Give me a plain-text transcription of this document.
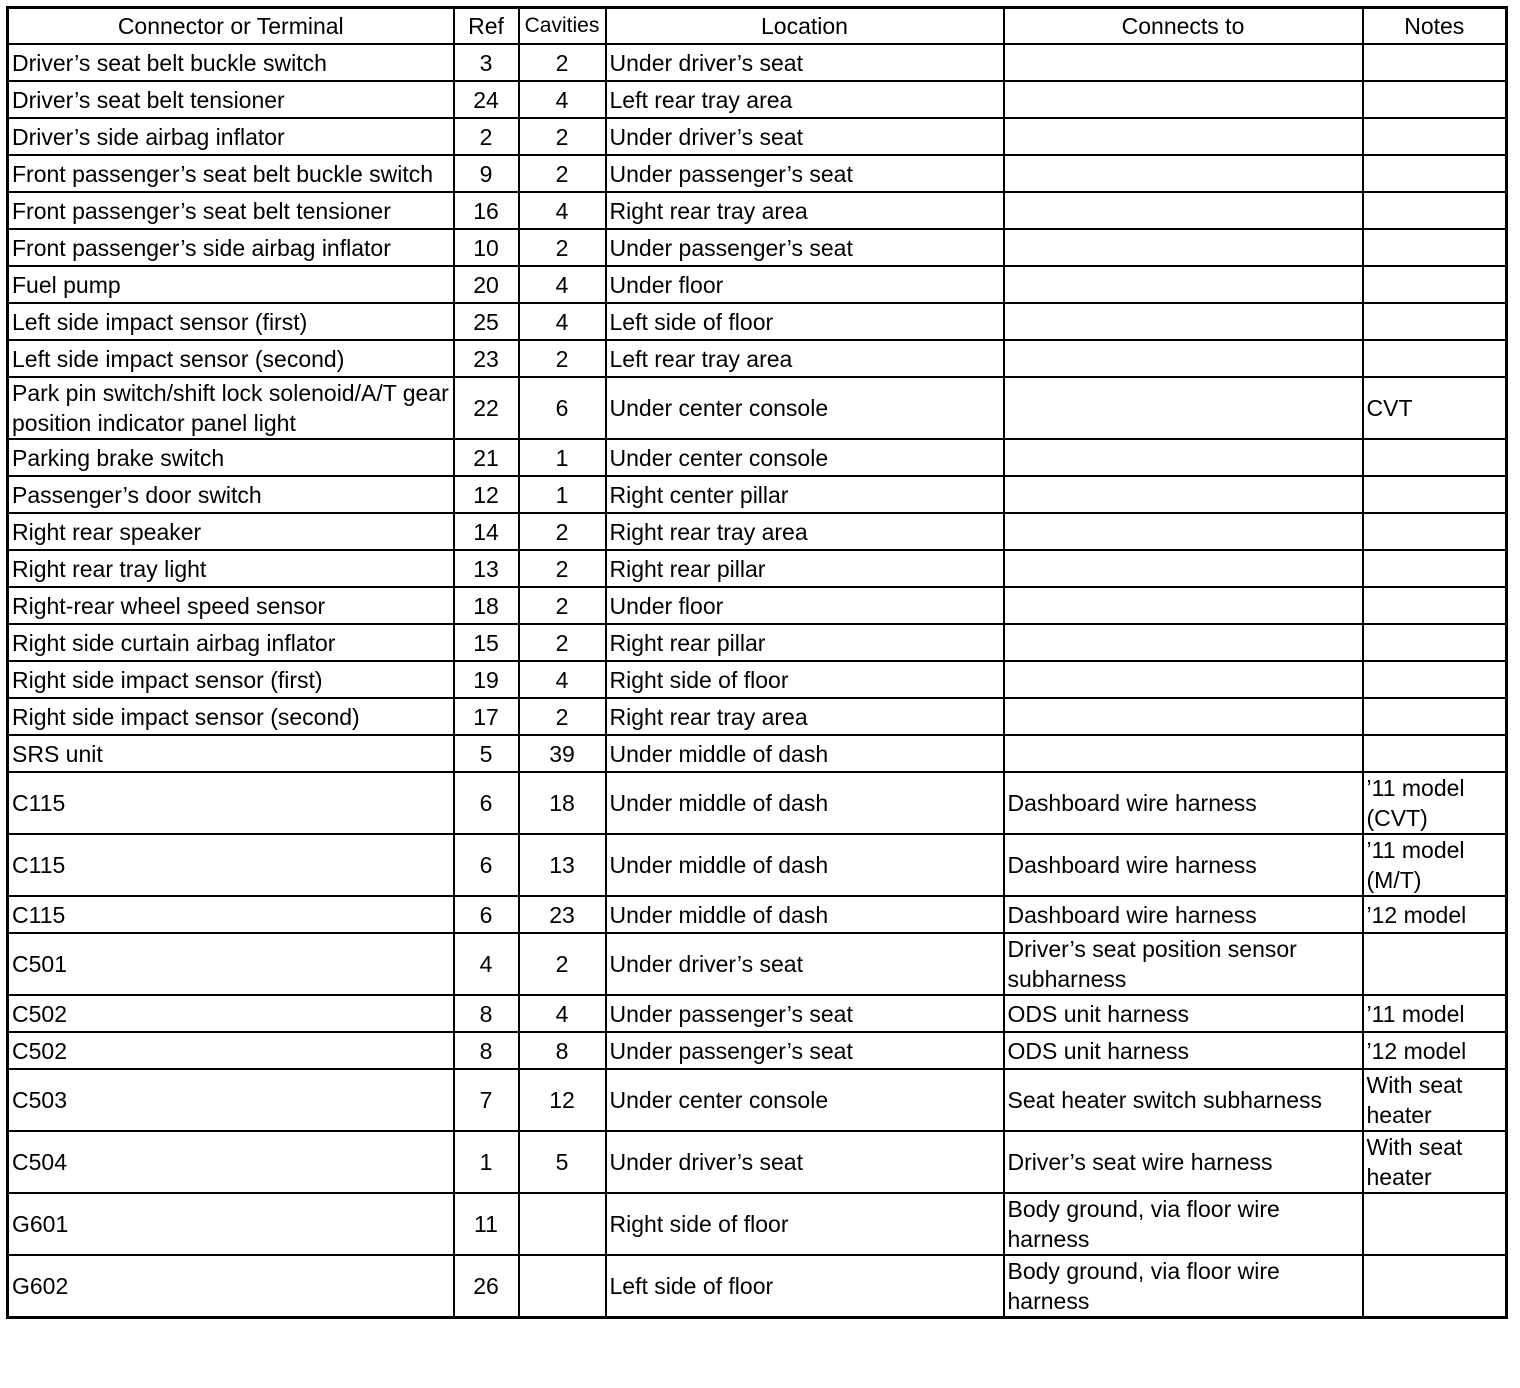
Connector or Terminal	Ref	Cavities	Location	Connects to	Notes
Driver’s seat belt buckle switch	3	2	Under driver’s seat		
Driver’s seat belt tensioner	24	4	Left rear tray area		
Driver’s side airbag inflator	2	2	Under driver’s seat		
Front passenger’s seat belt buckle switch	9	2	Under passenger’s seat		
Front passenger’s seat belt tensioner	16	4	Right rear tray area		
Front passenger’s side airbag inflator	10	2	Under passenger’s seat		
Fuel pump	20	4	Under floor		
Left side impact sensor (first)	25	4	Left side of floor		
Left side impact sensor (second)	23	2	Left rear tray area		
Park pin switch/shift lock solenoid/A/T gear position indicator panel light	22	6	Under center console		CVT
Parking brake switch	21	1	Under center console		
Passenger’s door switch	12	1	Right center pillar		
Right rear speaker	14	2	Right rear tray area		
Right rear tray light	13	2	Right rear pillar		
Right-rear wheel speed sensor	18	2	Under floor		
Right side curtain airbag inflator	15	2	Right rear pillar		
Right side impact sensor (first)	19	4	Right side of floor		
Right side impact sensor (second)	17	2	Right rear tray area		
SRS unit	5	39	Under middle of dash		
C115	6	18	Under middle of dash	Dashboard wire harness	’11 model (CVT)
C115	6	13	Under middle of dash	Dashboard wire harness	’11 model (M/T)
C115	6	23	Under middle of dash	Dashboard wire harness	’12 model
C501	4	2	Under driver’s seat	Driver’s seat position sensor subharness	
C502	8	4	Under passenger’s seat	ODS unit harness	’11 model
C502	8	8	Under passenger’s seat	ODS unit harness	’12 model
C503	7	12	Under center console	Seat heater switch subharness	With seat heater
C504	1	5	Under driver’s seat	Driver’s seat wire harness	With seat heater
G601	11		Right side of floor	Body ground, via floor wire harness	
G602	26		Left side of floor	Body ground, via floor wire harness	
